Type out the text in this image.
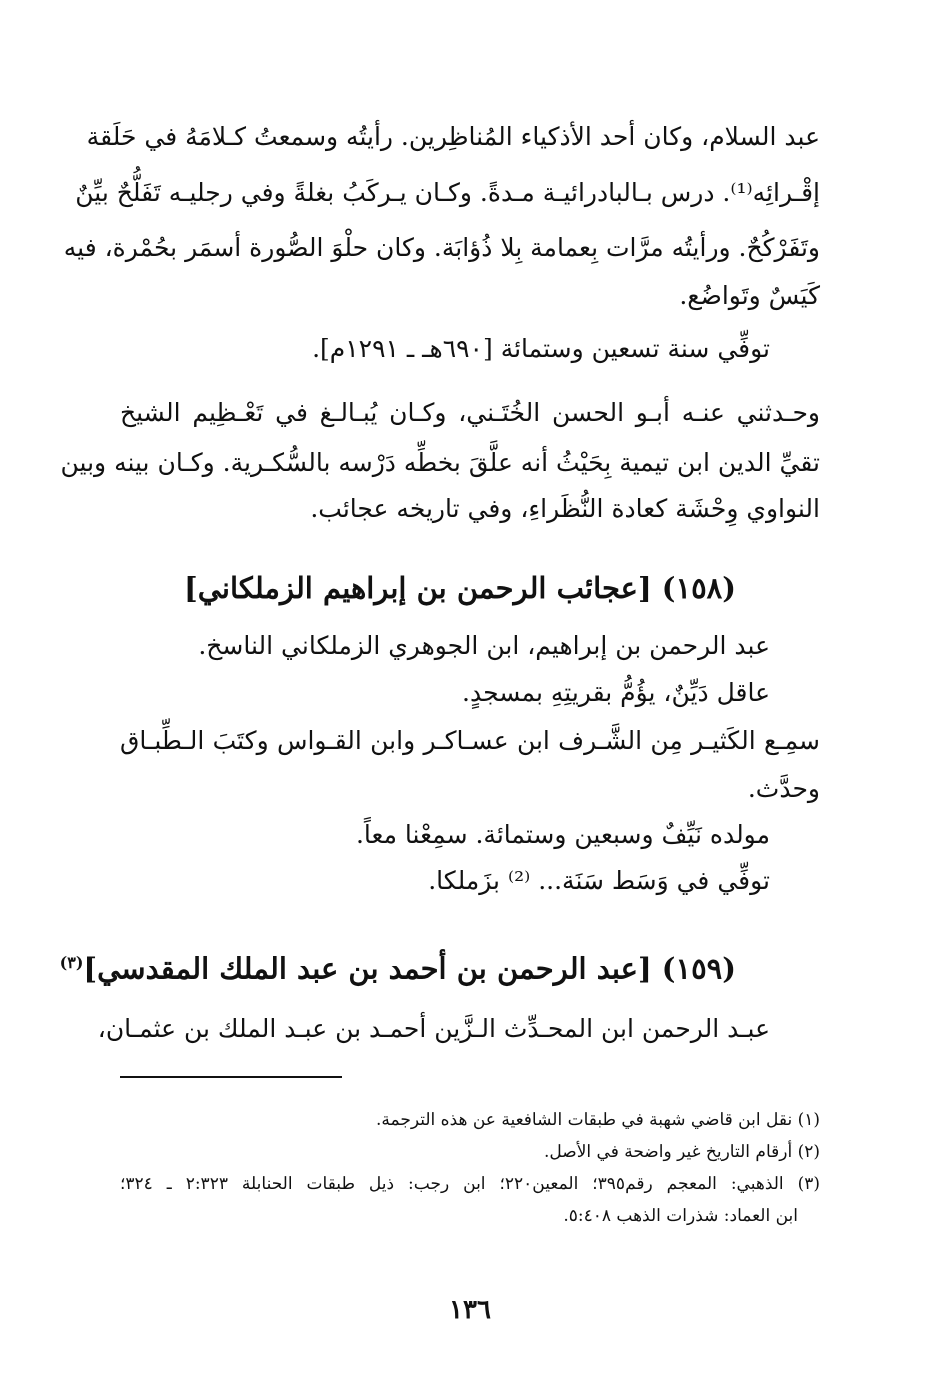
عبد السلام، وكان أحد الأذكياء المُناظِرين. رأيتُه وسمعتُ كـلامَهُ في حَلَقة
إقْـرائِه⁽¹⁾. درس بـالبادرائيـة مـدةً. وكـان يـركَبُ بغلةً وفي رجليـه تَفَلُّحٌ بيِّنٌ
وتَفَرْكُحٌ. ورأيتُه مرَّات بِعمامة بِلا ذُؤابَة. وكان حلْوَ الصُّورة أسمَر بحُمْرة، فيه
كَيَسٌ وتَواضُع.
توفِّي سنة تسعين وستمائة [٦٩٠هـ ـ ١٢٩١م].
وحـدثني عنـه أبـو الحسن الخُتَـني، وكـان يُبـالـغ في تَعْـظِيم الشيخ
تقيِّ الدين ابن تيمية بِحَيْثُ أنه علَّقَ بخطِّه دَرْسه بالسُّكـرية. وكـان بينه وبين
النواوي وِحْشَة كعادة النُّظَراءِ، وفي تاريخه عجائب.
(١٥٨) [عجائب الرحمن بن إبراهيم الزملكاني]
عبد الرحمن بن إبراهيم، ابن الجوهري الزملكاني الناسخ.
عاقل دَيِّنٌ، يؤُمُّ بقريتِهِ بمسجدٍ.
سمِـع الكَثيـر مِن الشَّـرف ابن عسـاكـر وابن القـواس وكتَبَ الـطِّبـاق
وحدَّث.
مولده نَيِّفٌ وسبعين وستمائة. سمِعْنا معاً.
توفِّي في وَسَط سَنَة... ⁽²⁾ بزَملكا.
(١٥٩) [عبد الرحمن بن أحمد بن عبد الملك المقدسي]$^{(٣)}$
عبـد الرحمن ابن المحـدِّث الـزَّين أحمـد بن عبـد الملك بن عثمـان،
(١) نقل ابن قاضي شهبة في طبقات الشافعية عن هذه الترجمة.
(٢) أرقام التاريخ غير واضحة في الأصل.
(٣) الذهبي: المعجم رقم٣٩٥؛ المعين٢٢٠؛ ابن رجب: ذيل طبقات الحنابلة ٢:٣٢٣ ـ ٣٢٤؛
ابن العماد: شذرات الذهب ٥:٤٠٨.
١٣٦
